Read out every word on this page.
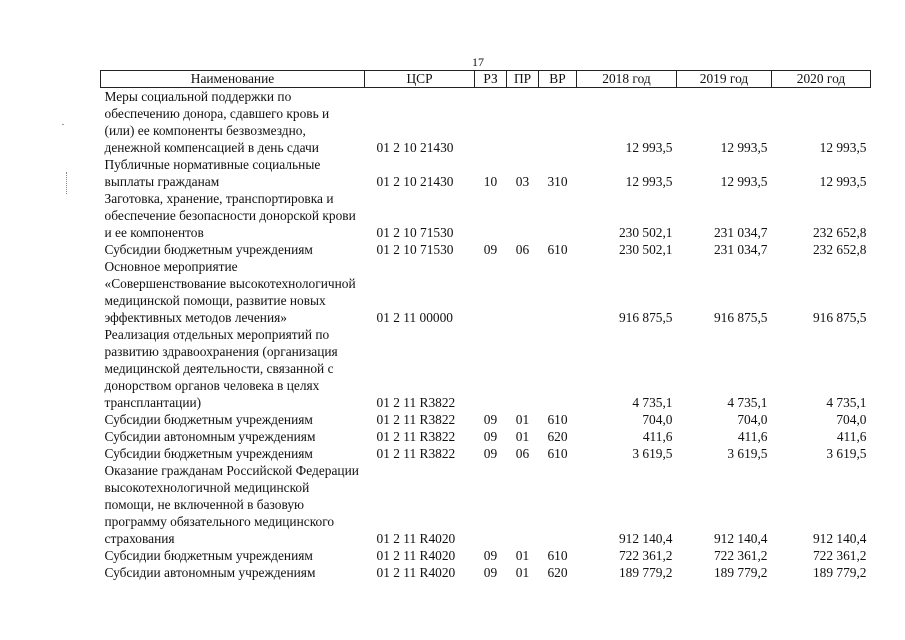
17
Наименование	ЦСР	РЗ	ПР	ВР	2018 год	2019 год	2020 год
Меры социальной поддержки по обеспечению донора, сдавшего кровь и (или) ее компоненты безвозмездно, денежной компенсацией в день сдачи	01 2 10 21430				12 993,5	12 993,5	12 993,5
Публичные нормативные социальные выплаты гражданам	01 2 10 21430	10	03	310	12 993,5	12 993,5	12 993,5
Заготовка, хранение, транспортировка и обеспечение безопасности донорской крови и ее компонентов	01 2 10 71530				230 502,1	231 034,7	232 652,8
Субсидии бюджетным учреждениям	01 2 10 71530	09	06	610	230 502,1	231 034,7	232 652,8
Основное мероприятие «Совершенствование высокотехнологичной медицинской помощи, развитие новых эффективных методов лечения»	01 2 11 00000				916 875,5	916 875,5	916 875,5
Реализация отдельных мероприятий по развитию здравоохранения (организация медицинской деятельности, связанной с донорством органов человека в целях трансплантации)	01 2 11 R3822				4 735,1	4 735,1	4 735,1
Субсидии бюджетным учреждениям	01 2 11 R3822	09	01	610	704,0	704,0	704,0
Субсидии автономным учреждениям	01 2 11 R3822	09	01	620	411,6	411,6	411,6
Субсидии бюджетным учреждениям	01 2 11 R3822	09	06	610	3 619,5	3 619,5	3 619,5
Оказание гражданам Российской Федерации высокотехнологичной медицинской помощи, не включенной в базовую программу обязательного медицинского страхования	01 2 11 R4020				912 140,4	912 140,4	912 140,4
Субсидии бюджетным учреждениям	01 2 11 R4020	09	01	610	722 361,2	722 361,2	722 361,2
Субсидии автономным учреждениям	01 2 11 R4020	09	01	620	189 779,2	189 779,2	189 779,2
